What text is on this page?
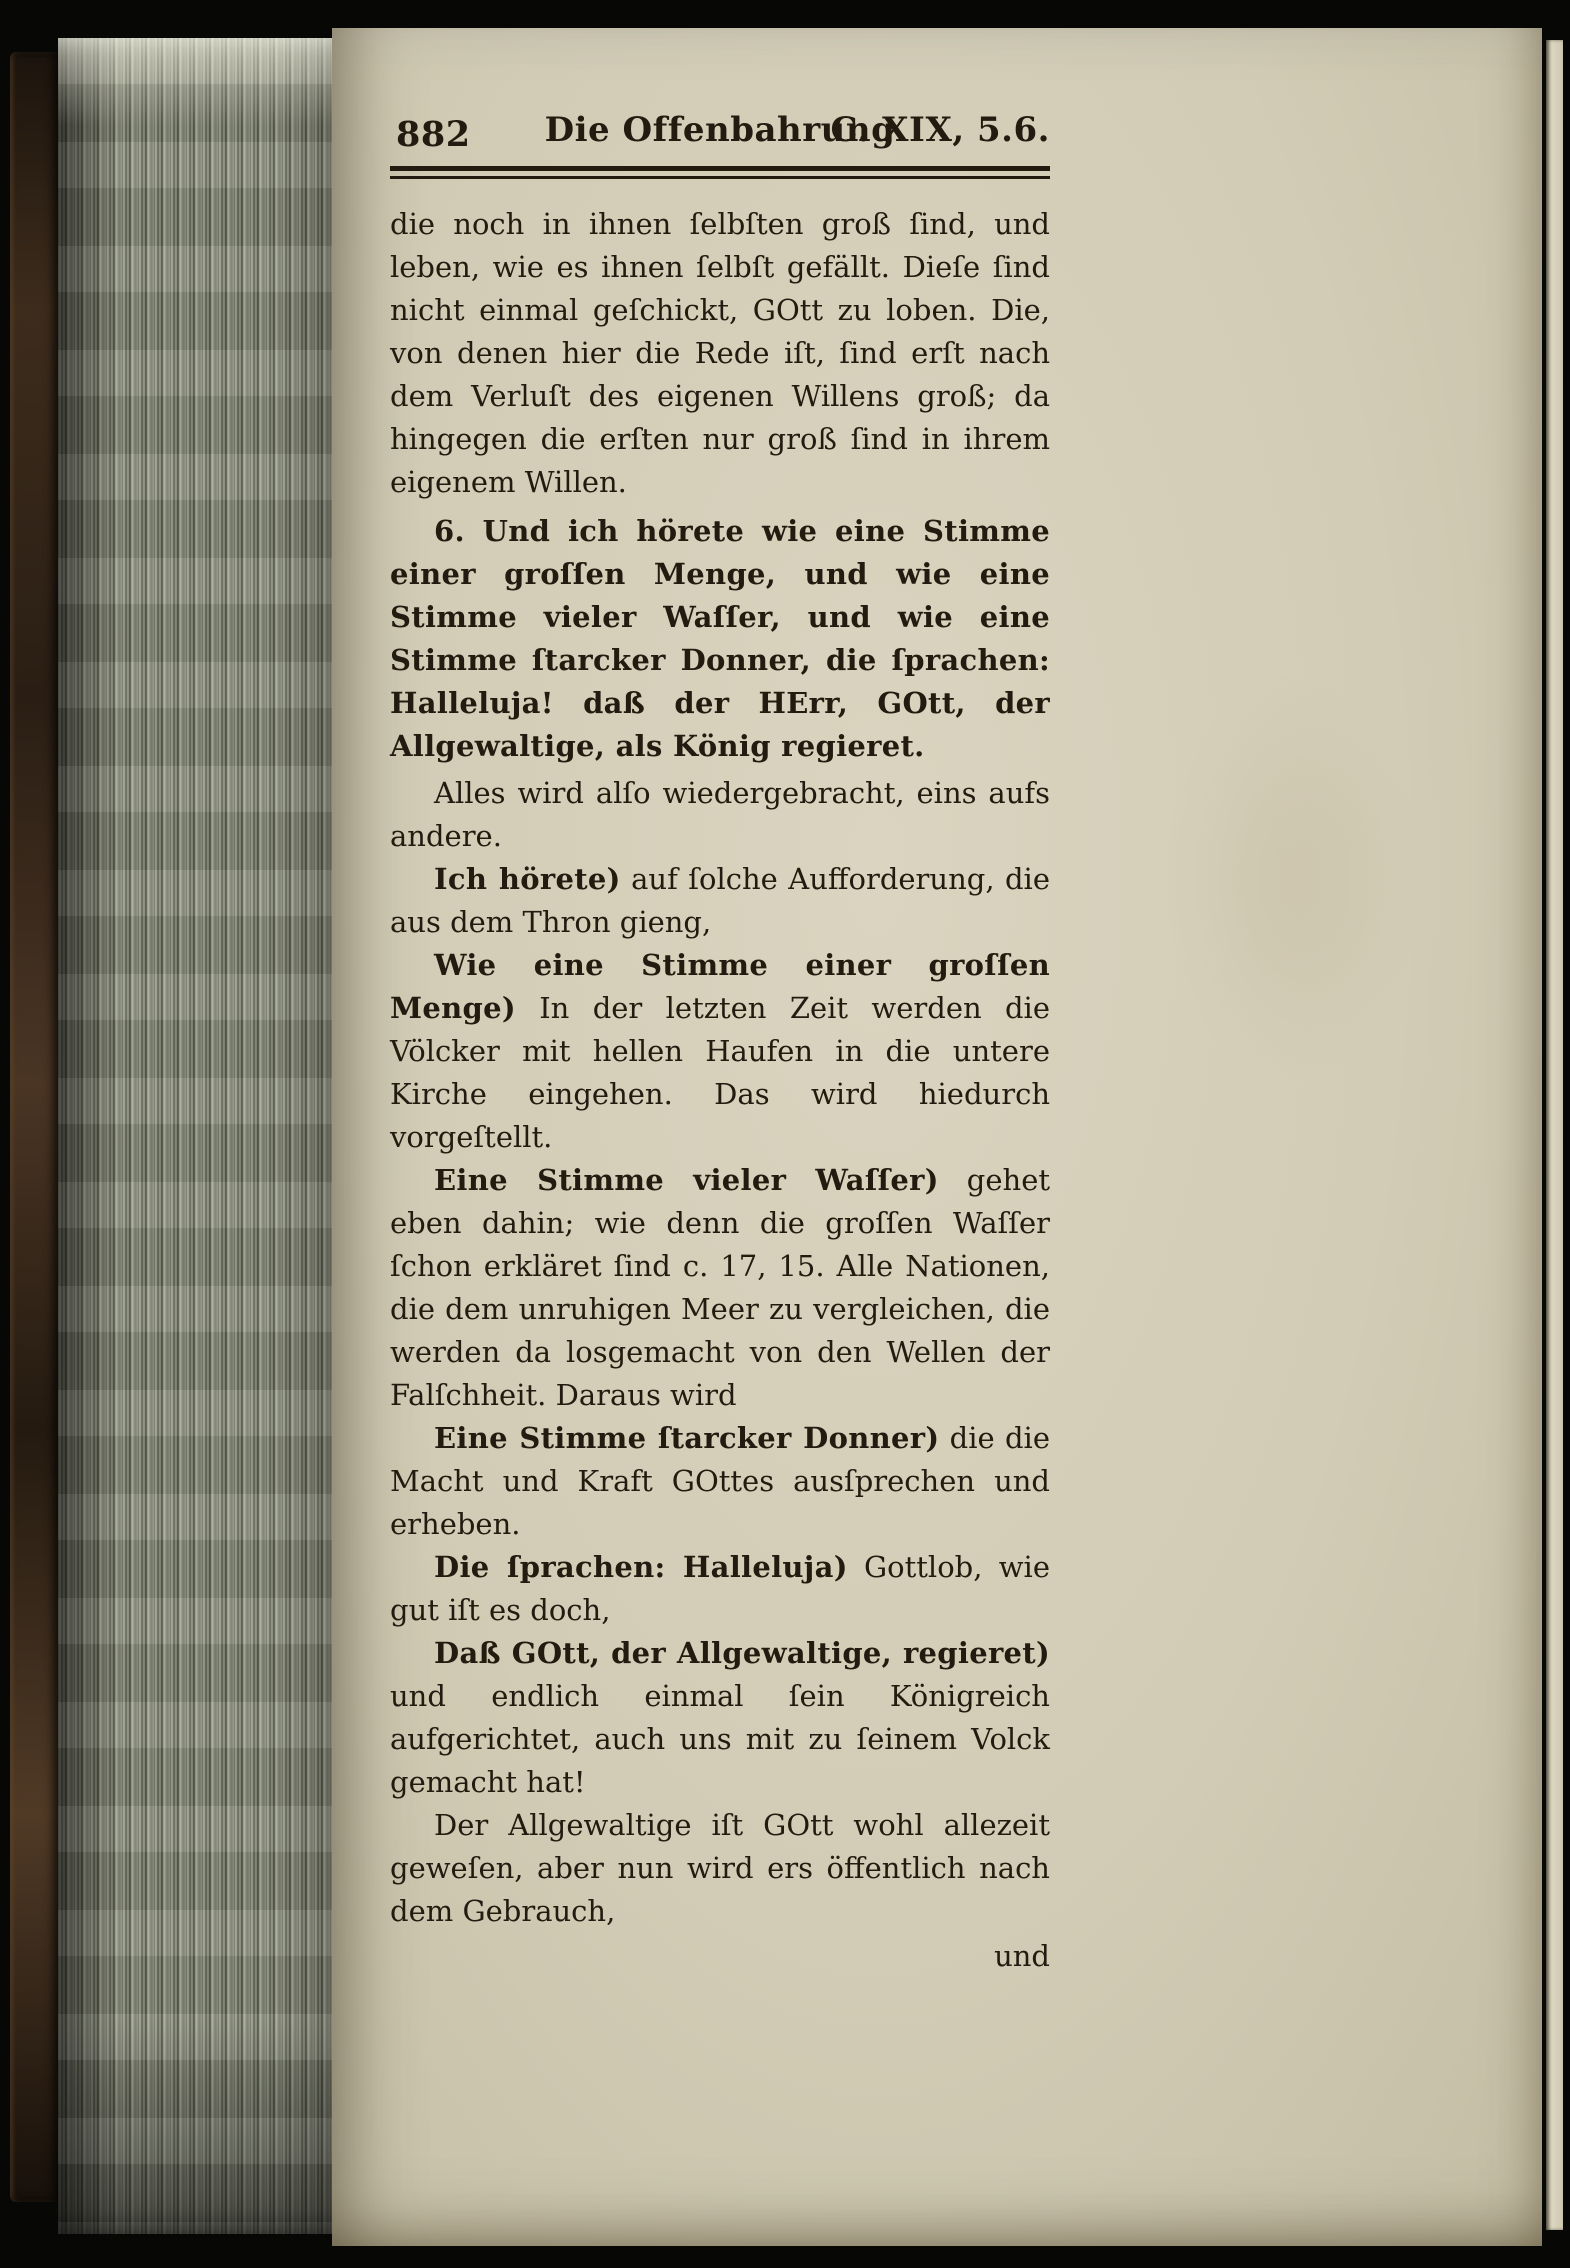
882	Die Offenbahrung
C. XIX, 5.6.

die noch in ihnen ſelbſten groß ſind, und leben, wie es ihnen ſelbſt gefällt. Dieſe ſind nicht einmal geſchickt, GOtt zu loben. Die, von denen hier die Rede iſt, ſind erſt nach dem Verluſt des eigenen Willens groß; da hingegen die erſten nur groß ſind in ihrem eigenem Willen.

6. Und ich hörete wie eine Stimme einer groſſen Menge, und wie eine Stimme vieler Waſſer, und wie eine Stimme ſtarcker Donner, die ſprachen: Halleluja! daß der HErr, GOtt, der Allgewaltige, als König regieret.

Alles wird alſo wiedergebracht, eins aufs andere.

Ich hörete) auf ſolche Aufforderung, die aus dem Thron gieng,

Wie eine Stimme einer groſſen Menge) In der letzten Zeit werden die Völcker mit hellen Haufen in die untere Kirche eingehen. Das wird hiedurch vorgeſtellt.

Eine Stimme vieler Waſſer) gehet eben dahin; wie denn die groſſen Waſſer ſchon erkläret ſind c. 17, 15. Alle Nationen, die dem unruhigen Meer zu vergleichen, die werden da losgemacht von den Wellen der Falſchheit. Daraus wird

Eine Stimme ſtarcker Donner) die die Macht und Kraft GOttes ausſprechen und erheben.

Die ſprachen: Halleluja) Gottlob, wie gut iſt es doch,

Daß GOtt, der Allgewaltige, regieret) und endlich einmal ſein Königreich aufgerichtet, auch uns mit zu ſeinem Volck gemacht hat!

Der Allgewaltige iſt GOtt wohl allezeit geweſen, aber nun wird ers öffentlich nach dem Gebrauch,

und
